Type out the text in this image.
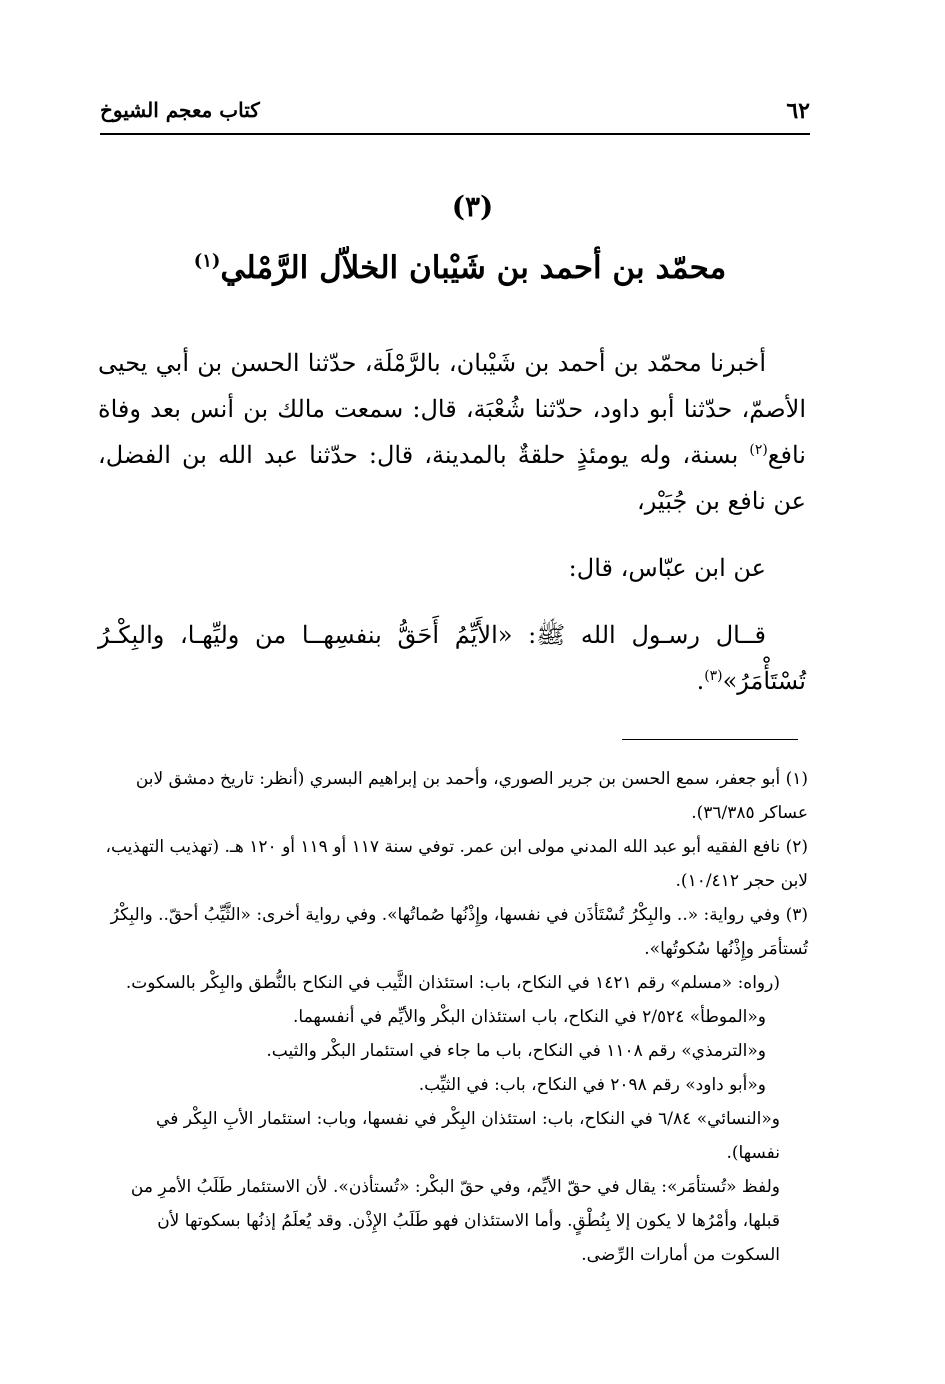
٦٢
كتاب معجم الشيوخ
(٣)
محمّد بن أحمد بن شَيْبان الخلاّل الرَّمْلي$^{(١)}$
أخبرنا محمّد بن أحمد بن شَيْبان، بالرَّمْلَة، حدّثنا الحسن بن أبي يحيى الأصمّ، حدّثنا أبو داود، حدّثنا شُعْبَة، قال: سمعت مالك بن أنس بعد وفاة نافع$^{(٢)}$ بسنة، وله يومئذٍ حلقةٌ بالمدينة، قال: حدّثنا عبد الله بن الفضل، عن نافع بن جُبَيْر،
عن ابن عبّاس، قال:
قــال رسـول الله ﷺ: «الأَيِّمُ أَحَقُّ بنفسِهــا من وليِّهـا، والبِكْـرُ تُسْتَأْمَرُ»$^{(٣)}$.

(١) أبو جعفر، سمع الحسن بن جرير الصوري، وأحمد بن إبراهيم البسري (أنظر: تاريخ دمشق لابن عساكر ٣٦/٣٨٥).

(٢) نافع الفقيه أبو عبد الله المدني مولى ابن عمر. توفي سنة ١١٧ أو ١١٩ أو ١٢٠ هـ. (تهذيب التهذيب، لابن حجر ١٠/٤١٢).

(٣) وفي رواية: «.. والبِكْرُ تُسْتَأذَن في نفسها، وإِذْنُها صُماتُها». وفي رواية أخرى: «الثَّيِّبُ أحقّ.. والبِكْرُ تُستأمَر وإِذْنُها سُكوتُها».

(رواه: «مسلم» رقم ١٤٢١ في النكاح، باب: استئذان الثَّيب في النكاح بالنُّطق والبِكْر بالسكوت.

و«الموطأ» ٢/٥٢٤ في النكاح، باب استئذان البكْر والأيِّم في أنفسهما.

و«الترمذي» رقم ١١٠٨ في النكاح، باب ما جاء في استئمار البكْر والثيب.

و«أبو داود» رقم ٢٠٩٨ في النكاح، باب: في الثيِّب.

و«النسائي» ٦/٨٤ في النكاح، باب: استئذان البِكْر في نفسها، وباب: استئمار الأبِ البِكْر في نفسها).

ولفظ «تُستأمَر»: يقال في حقّ الأيِّم، وفي حقّ البكْر: «تُستأذن». لأن الاستئمار طَلَبُ الأمرِ من قبلها، وأمْرُها لا يكون إلا بِنُطْقٍ. وأما الاستئذان فهو طَلَبُ الإِذْن. وقد يُعلَمُ إذنُها بسكوتها لأن السكوت من أمارات الرِّضى.
